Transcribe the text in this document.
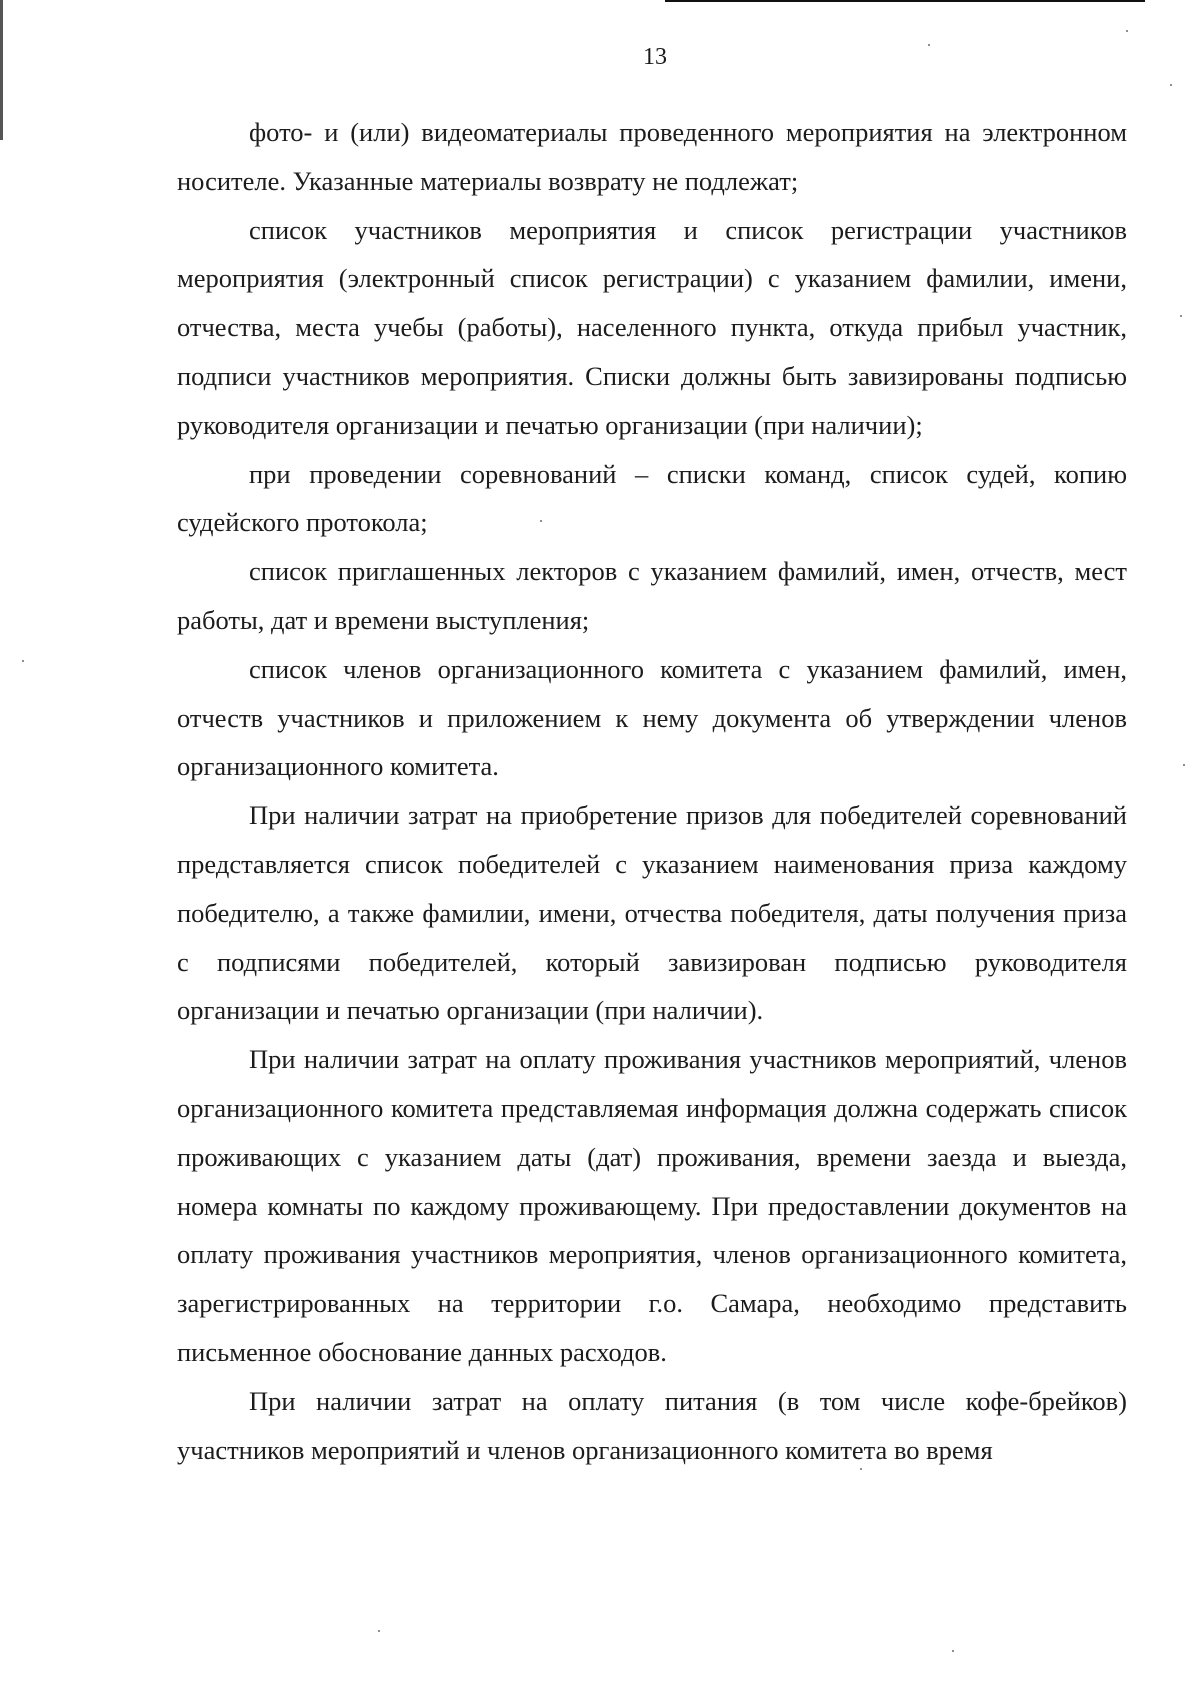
13

фото- и (или) видеоматериалы проведенного мероприятия на электронном носителе. Указанные материалы возврату не подлежат;

список участников мероприятия и список регистрации участников мероприятия (электронный список регистрации) с указанием фамилии, имени, отчества, места учебы (работы), населенного пункта, откуда прибыл участник, подписи участников мероприятия. Списки должны быть завизированы подписью руководителя организации и печатью организации (при наличии);

при проведении соревнований – списки команд, список судей, копию судейского протокола;

список приглашенных лекторов с указанием фамилий, имен, отчеств, мест работы, дат и времени выступления;

список членов организационного комитета с указанием фамилий, имен, отчеств участников и приложением к нему документа об утверждении членов организационного комитета.

При наличии затрат на приобретение призов для победителей соревнований представляется список победителей с указанием наименования приза каждому победителю, а также фамилии, имени, отчества победителя, даты получения приза с подписями победителей, который завизирован подписью руководителя организации и печатью организации (при наличии).

При наличии затрат на оплату проживания участников мероприятий, членов организационного комитета представляемая информация должна содержать список проживающих с указанием даты (дат) проживания, времени заезда и выезда, номера комнаты по каждому проживающему. При предоставлении документов на оплату проживания участников мероприятия, членов организационного комитета, зарегистрированных на территории г.о. Самара, необходимо представить письменное обоснование данных расходов.

При наличии затрат на оплату питания (в том числе кофе-брейков) участников мероприятий и членов организационного комитета во время
